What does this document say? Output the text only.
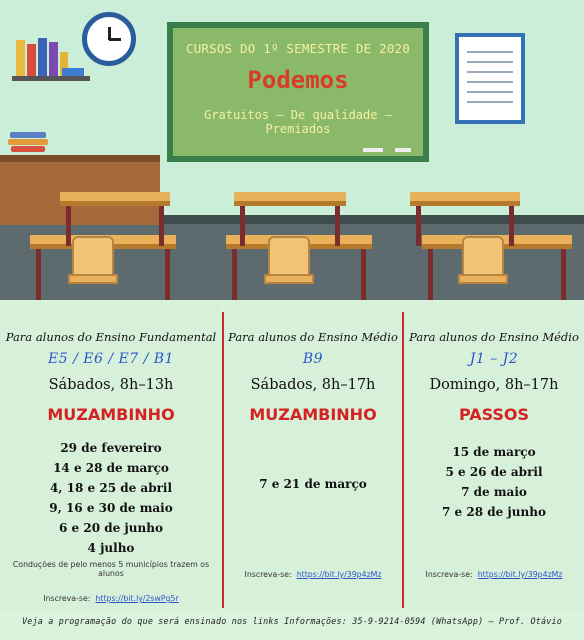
CURSOS DO 1º SEMESTRE DE 2020
Podemos
Gratuitos – De qualidade – Premiados
Para alunos do Ensino Fundamental
E5 / E6 / E7 / B1
Sábados, 8h–13h
MUZAMBINHO
29 de fevereiro
14 e 28 de março
4, 18 e 25 de abril
9, 16 e 30 de maio
6 e 20 de junho
4 julho
Conduções de pelo menos 5 municípios trazem os alunos
Inscreva-se: https://bit.ly/2swPg5r
Para alunos do Ensino Médio
B9
Sábados, 8h–17h
MUZAMBINHO
7 e 21 de março
Inscreva-se: https://bit.ly/39p4zMz
Para alunos do Ensino Médio
J1 – J2
Domingo, 8h–17h
PASSOS
15 de março
5 e 26 de abril
7 de maio
7 e 28 de junho
Inscreva-se: https://bit.ly/39p4zMz
Veja a programação do que será ensinado nos links Informações: 35-9-9214-0594 (WhatsApp) – Prof. Otávio
